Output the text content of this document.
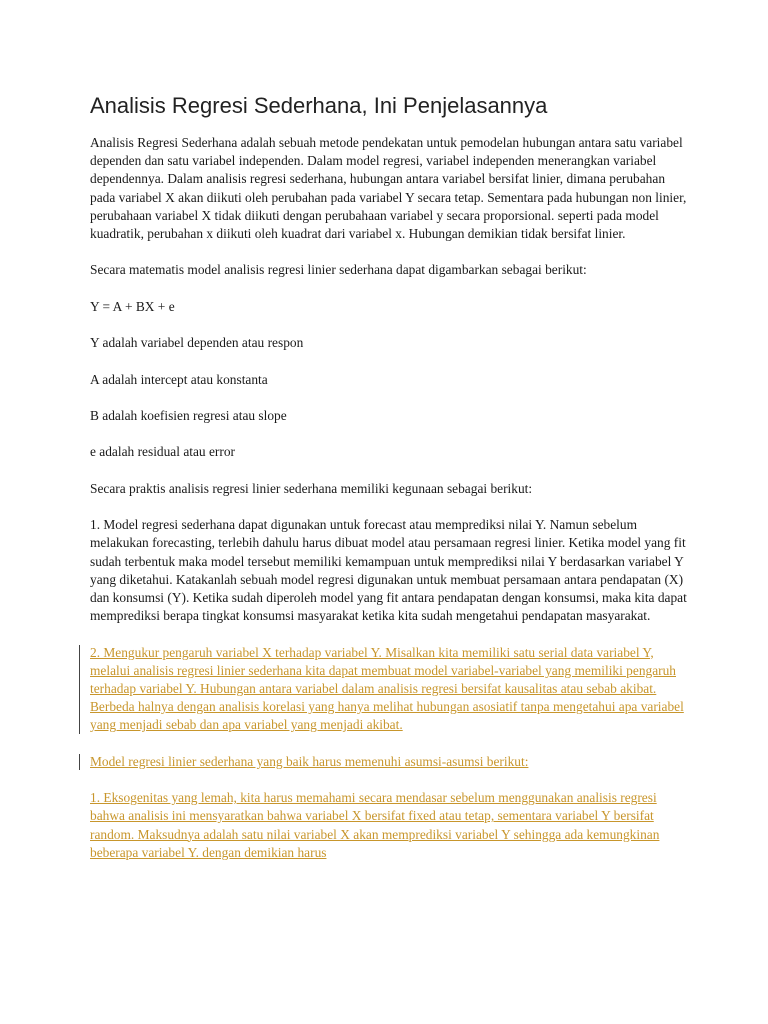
Analisis Regresi Sederhana, Ini Penjelasannya

Analisis Regresi Sederhana adalah sebuah metode pendekatan untuk pemodelan hubungan antara satu variabel dependen dan satu variabel independen. Dalam model regresi, variabel independen menerangkan variabel dependennya. Dalam analisis regresi sederhana, hubungan antara variabel bersifat linier, dimana perubahan pada variabel X akan diikuti oleh perubahan pada variabel Y secara tetap. Sementara pada hubungan non linier, perubahaan variabel X tidak diikuti dengan perubahaan variabel y secara proporsional. seperti pada model kuadratik, perubahan x diikuti oleh kuadrat dari variabel x. Hubungan demikian tidak bersifat linier.

Secara matematis model analisis regresi linier sederhana dapat digambarkan sebagai berikut:

Y = A + BX + e

Y adalah variabel dependen atau respon

A adalah intercept atau konstanta

B adalah koefisien regresi atau slope

e adalah residual atau error

Secara praktis analisis regresi linier sederhana memiliki kegunaan sebagai berikut:

1. Model regresi sederhana dapat digunakan untuk forecast atau memprediksi nilai Y. Namun sebelum melakukan forecasting, terlebih dahulu harus dibuat model atau persamaan regresi linier. Ketika model yang fit sudah terbentuk maka model tersebut memiliki kemampuan untuk memprediksi nilai Y berdasarkan variabel Y yang diketahui. Katakanlah sebuah model regresi digunakan untuk membuat persamaan antara pendapatan (X) dan konsumsi (Y). Ketika sudah diperoleh model yang fit antara pendapatan dengan konsumsi, maka kita dapat memprediksi berapa tingkat konsumsi masyarakat ketika kita sudah mengetahui pendapatan masyarakat.

2. Mengukur pengaruh variabel X terhadap variabel Y. Misalkan kita memiliki satu serial data variabel Y, melalui analisis regresi linier sederhana kita dapat membuat model variabel-variabel yang memiliki pengaruh terhadap variabel Y. Hubungan antara variabel dalam analisis regresi bersifat kausalitas atau sebab akibat. Berbeda halnya dengan analisis korelasi yang hanya melihat hubungan asosiatif tanpa mengetahui apa variabel yang menjadi sebab dan apa variabel yang menjadi akibat.

Model regresi linier sederhana yang baik harus memenuhi asumsi-asumsi berikut:

1. Eksogenitas yang lemah, kita harus memahami secara mendasar sebelum menggunakan analisis regresi bahwa analisis ini mensyaratkan bahwa variabel X bersifat fixed atau tetap, sementara variabel Y bersifat random. Maksudnya adalah satu nilai variabel X akan memprediksi variabel Y sehingga ada kemungkinan beberapa variabel Y. dengan demikian harus
